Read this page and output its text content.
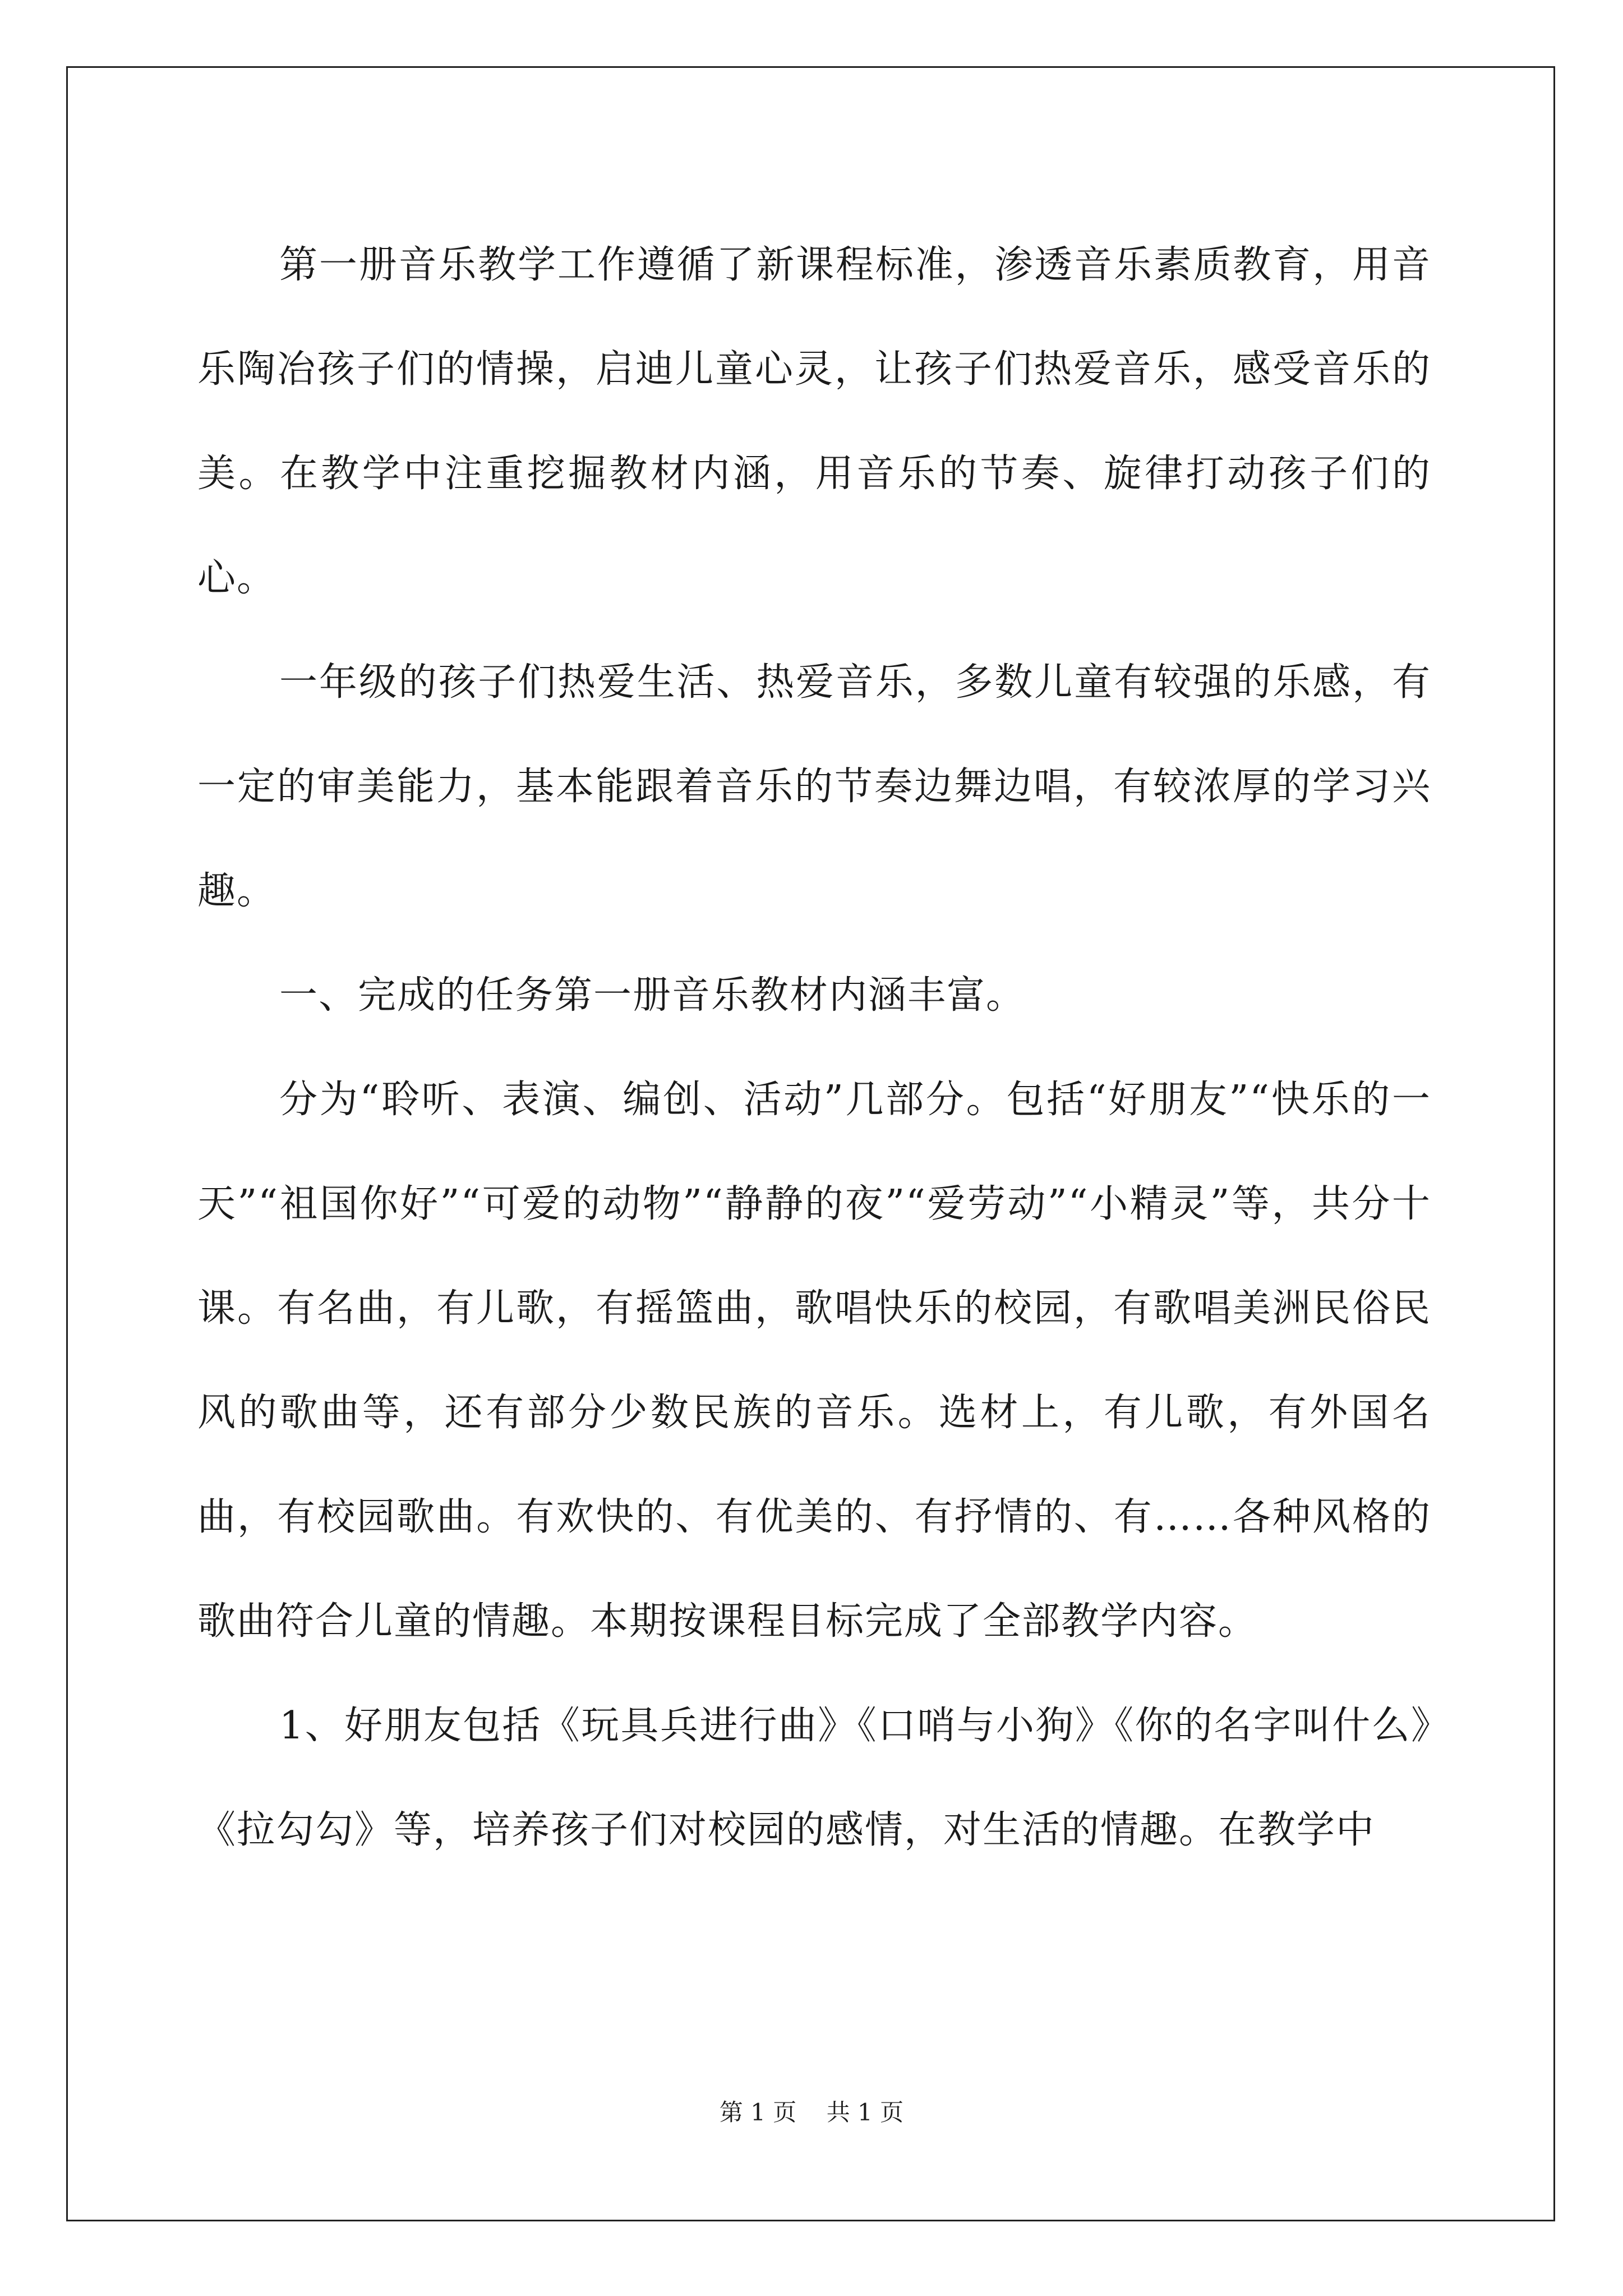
第一册音乐教学工作遵循了新课程标准，渗透音乐素质教育，用音乐陶冶孩子们的情操，启迪儿童心灵，让孩子们热爱音乐，感受音乐的美。在教学中注重挖掘教材内涵，用音乐的节奏、旋律打动孩子们的心。

一年级的孩子们热爱生活、热爱音乐，多数儿童有较强的乐感，有一定的审美能力，基本能跟着音乐的节奏边舞边唱，有较浓厚的学习兴趣。

一、完成的任务第一册音乐教材内涵丰富。

分为“聆听、表演、编创、活动”几部分。包括“好朋友”“快乐的一天”“祖国你好”“可爱的动物”“静静的夜”“爱劳动”“小精灵”等，共分十课。有名曲，有儿歌，有摇篮曲，歌唱快乐的校园，有歌唱美洲民俗民风的歌曲等，还有部分少数民族的音乐。选材上，有儿歌，有外国名曲，有校园歌曲。有欢快的、有优美的、有抒情的、有……各种风格的歌曲符合儿童的情趣。本期按课程目标完成了全部教学内容。

1、好朋友包括《玩具兵进行曲》《口哨与小狗》《你的名字叫什么》《拉勾勾》等，培养孩子们对校园的感情，对生活的情趣。在教学中

第 1 页    共 1 页
